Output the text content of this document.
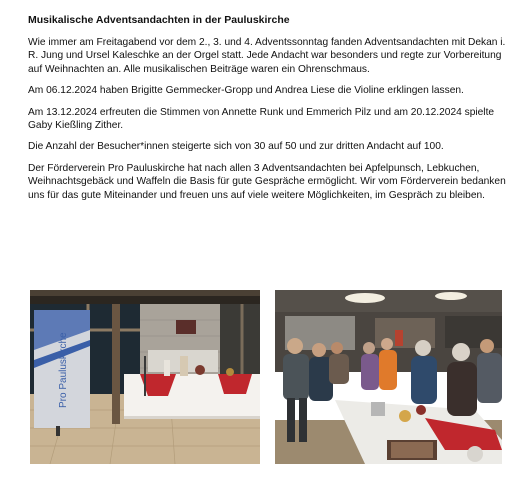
Musikalische Adventsandachten in der Pauluskirche

Wie immer am Freitagabend vor dem 2., 3. und 4. Adventssonntag fanden Adventsandachten mit Dekan i. R. Jung und Ursel Kaleschke an der Orgel statt. Jede Andacht war besonders und regte zur Vorbereitung auf Weihnachten an. Alle musikalischen Beiträge waren ein Ohrenschmaus.

Am 06.12.2024 haben Brigitte Gemmecker-Gropp und Andrea Liese die Violine erklingen lassen.

Am 13.12.2024 erfreuten die Stimmen von Annette Runk und Emmerich Pilz und am 20.12.2024 spielte Gaby Kießling Zither.

Die Anzahl der Besucher*innen steigerte sich von 30 auf 50 und zur dritten Andacht auf 100.

Der Förderverein Pro Pauluskirche hat nach allen 3 Adventsandachten bei Apfelpunsch, Lebkuchen, Weihnachtsgebäck und Waffeln die Basis für gute Gespräche ermöglicht. Wir vom Förderverein bedanken uns für das gute Miteinander und freuen uns auf viele weitere Möglichkeiten, im Gespräch zu bleiben.

Pro Pauluskirche
